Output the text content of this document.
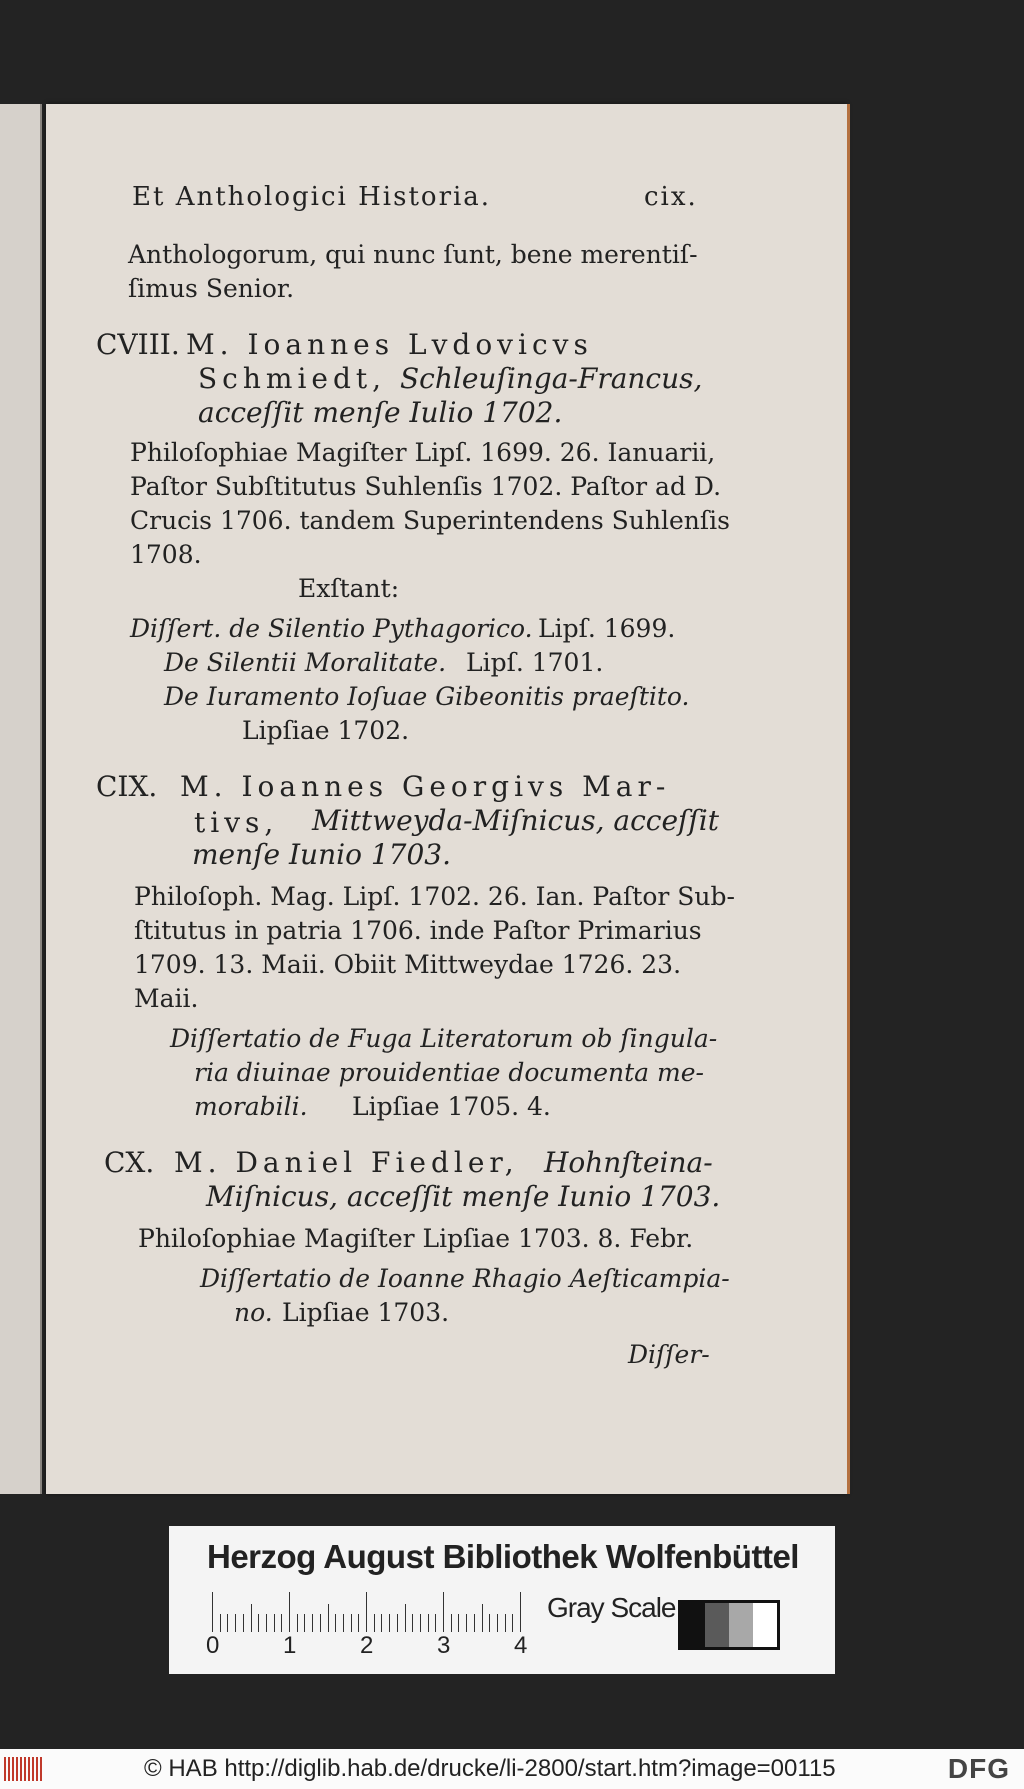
Et Anthologici Historia.	cix.
Anthologorum, qui nunc ſunt, bene merentiſ-
ſimus Senior.
CVIII. M. Ioannes Lvdovicvs
Schmiedt, Schleuſinga-Francus,
acceſſit menſe Iulio 1702.
Philoſophiae Magiſter Lipſ. 1699. 26. Ianuarii,
Paſtor Subſtitutus Suhlenſis 1702. Paſtor ad D.
Crucis 1706. tandem Superintendens Suhlenſis
1708.
Exſtant:
Diſſert. de Silentio Pythagorico. Lipſ. 1699.
De Silentii Moralitate. Lipſ. 1701.
De Iuramento Ioſuae Gibeonitis praeſtito.
Lipſiae 1702.
CIX. M. Ioannes Georgivs Mar-
tivs, Mittweyda-Miſnicus, acceſſit
menſe Iunio 1703.
Philoſoph. Mag. Lipſ. 1702. 26. Ian. Paſtor Sub-
ſtitutus in patria 1706. inde Paſtor Primarius
1709. 13. Maii. Obiit Mittweydae 1726. 23.
Maii.
Diſſertatio de Fuga Literatorum ob ſingula-
ria diuinae prouidentiae documenta me-
morabili. Lipſiae 1705. 4.
CX. M. Daniel Fiedler, Hohnſteina-
Miſnicus, acceſſit menſe Iunio 1703.
Philoſophiae Magiſter Lipſiae 1703. 8. Febr.
Diſſertatio de Ioanne Rhagio Aeſticampia-
no. Lipſiae 1703.
Diſſer-
Herzog August Bibliothek Wolfenbüttel
0	1	2	3	4
Gray Scale
© HAB http://diglib.hab.de/drucke/li-2800/start.htm?image=00115	DFG
